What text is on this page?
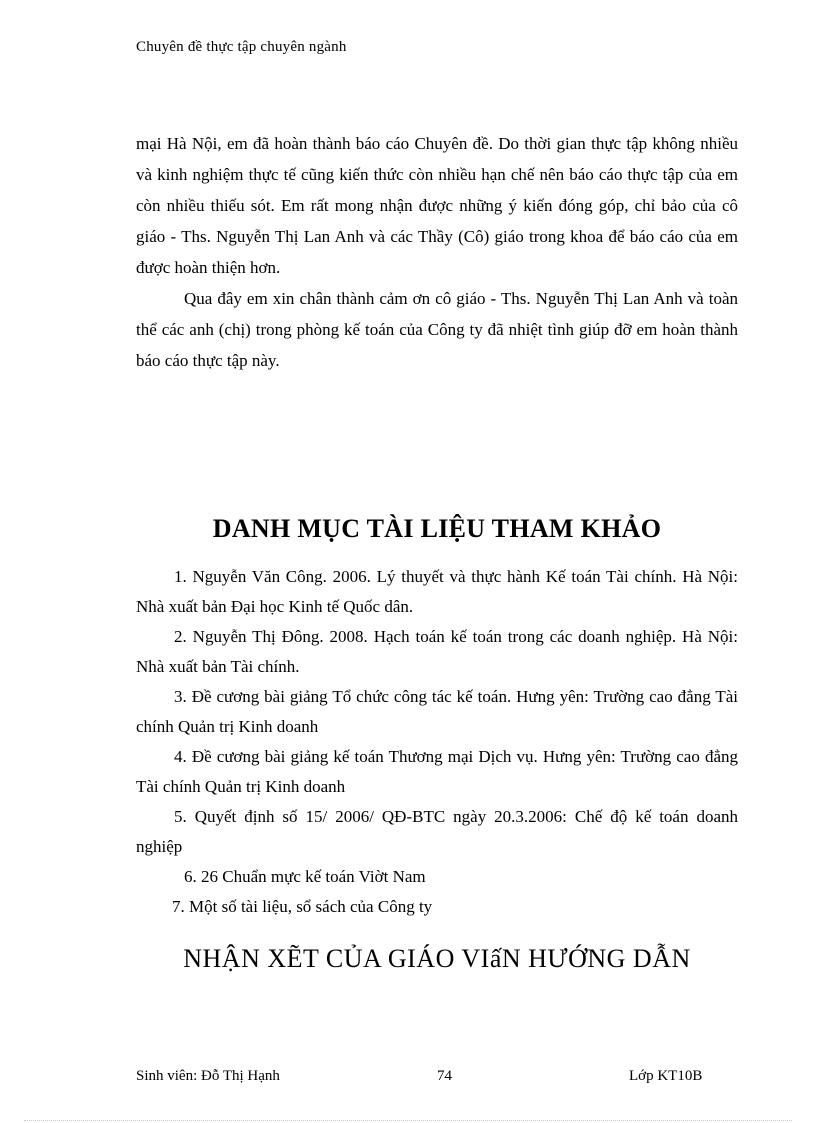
Chuyên đề thực tập chuyên ngành

mại Hà Nội, em đã hoàn thành báo cáo Chuyên đề. Do thời gian thực tập không nhiều và kinh nghiệm thực tế cũng kiến thức còn nhiều hạn chế nên báo cáo thực tập của em còn nhiều thiếu sót. Em rất mong nhận được những ý kiến đóng góp, chỉ bảo của cô giáo - Ths. Nguyễn Thị Lan Anh và các Thầy (Cô) giáo trong khoa để báo cáo của em được hoàn thiện hơn.

Qua đây em xin chân thành cảm ơn cô giáo - Ths. Nguyễn Thị Lan Anh và toàn thể các anh (chị) trong phòng kế toán của Công ty đã nhiệt tình giúp đỡ em hoàn thành báo cáo thực tập này.

DANH MỤC TÀI LIỆU THAM KHẢO

1. Nguyễn Văn Công. 2006. Lý thuyết và thực hành Kế toán Tài chính. Hà Nội: Nhà xuất bản Đại học Kinh tế Quốc dân.

2. Nguyễn Thị Đông. 2008. Hạch toán kế toán trong các doanh nghiệp. Hà Nội: Nhà xuất bản Tài chính.

3. Đề cương bài giảng Tổ chức công tác kế toán. Hưng yên: Trường cao đẳng Tài chính Quản trị Kinh doanh

4. Đề cương bài giảng kế toán Thương mại Dịch vụ. Hưng yên: Trường cao đẳng Tài chính Quản trị Kinh doanh

5. Quyết định số 15/ 2006/ QĐ-BTC ngày 20.3.2006: Chế độ kế toán doanh nghiệp

6. 26 Chuẩn mực kế toán Viờt Nam

7. Một số tài liệu, sổ sách của Công ty

NHẬN XẼT CỦA GIÁO VIấN HƯỚNG DẪN
Sinh viên: Đỗ Thị Hạnh	74	Lớp KT10B
